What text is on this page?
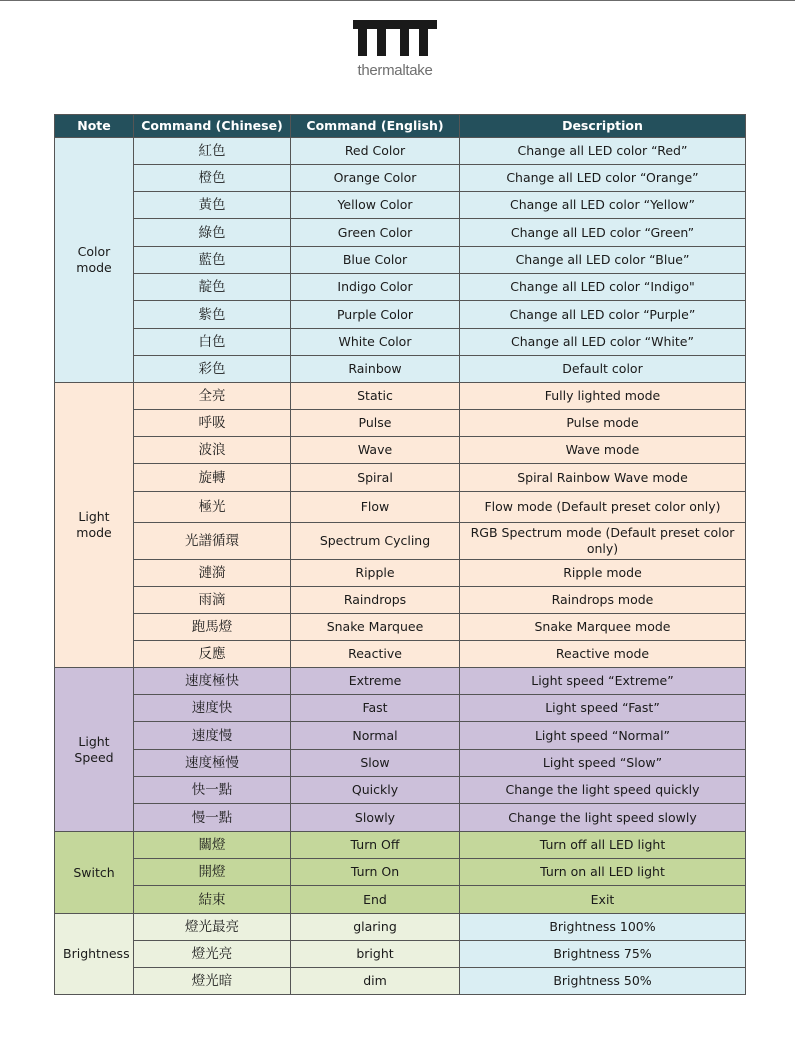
thermaltake
Note	Command (Chinese)	Command (English)	Description
Color mode	紅色	Red Color	Change all LED color “Red”
	橙色	Orange Color	Change all LED color “Orange”
	黃色	Yellow Color	Change all LED color “Yellow”
	綠色	Green Color	Change all LED color “Green”
	藍色	Blue Color	Change all LED color “Blue”
	靛色	Indigo Color	Change all LED color “Indigo"
	紫色	Purple Color	Change all LED color “Purple”
	白色	White Color	Change all LED color “White”
	彩色	Rainbow	Default color
Light mode	全亮	Static	Fully lighted mode
	呼吸	Pulse	Pulse mode
	波浪	Wave	Wave mode
	旋轉	Spiral	Spiral Rainbow Wave mode
	極光	Flow	Flow mode (Default preset color only)
	光譜循環	Spectrum Cycling	RGB Spectrum mode (Default preset color only)
	漣漪	Ripple	Ripple mode
	雨滴	Raindrops	Raindrops mode
	跑馬燈	Snake Marquee	Snake Marquee mode
	反應	Reactive	Reactive mode
Light Speed	速度極快	Extreme	Light speed “Extreme”
	速度快	Fast	Light speed “Fast”
	速度慢	Normal	Light speed “Normal”
	速度極慢	Slow	Light speed “Slow”
	快一點	Quickly	Change the light speed quickly
	慢一點	Slowly	Change the light speed slowly
Switch	關燈	Turn Off	Turn off all LED light
	開燈	Turn On	Turn on all LED light
	結束	End	Exit
Brightness	燈光最亮	glaring	Brightness 100%
	燈光亮	bright	Brightness 75%
	燈光暗	dim	Brightness 50%
